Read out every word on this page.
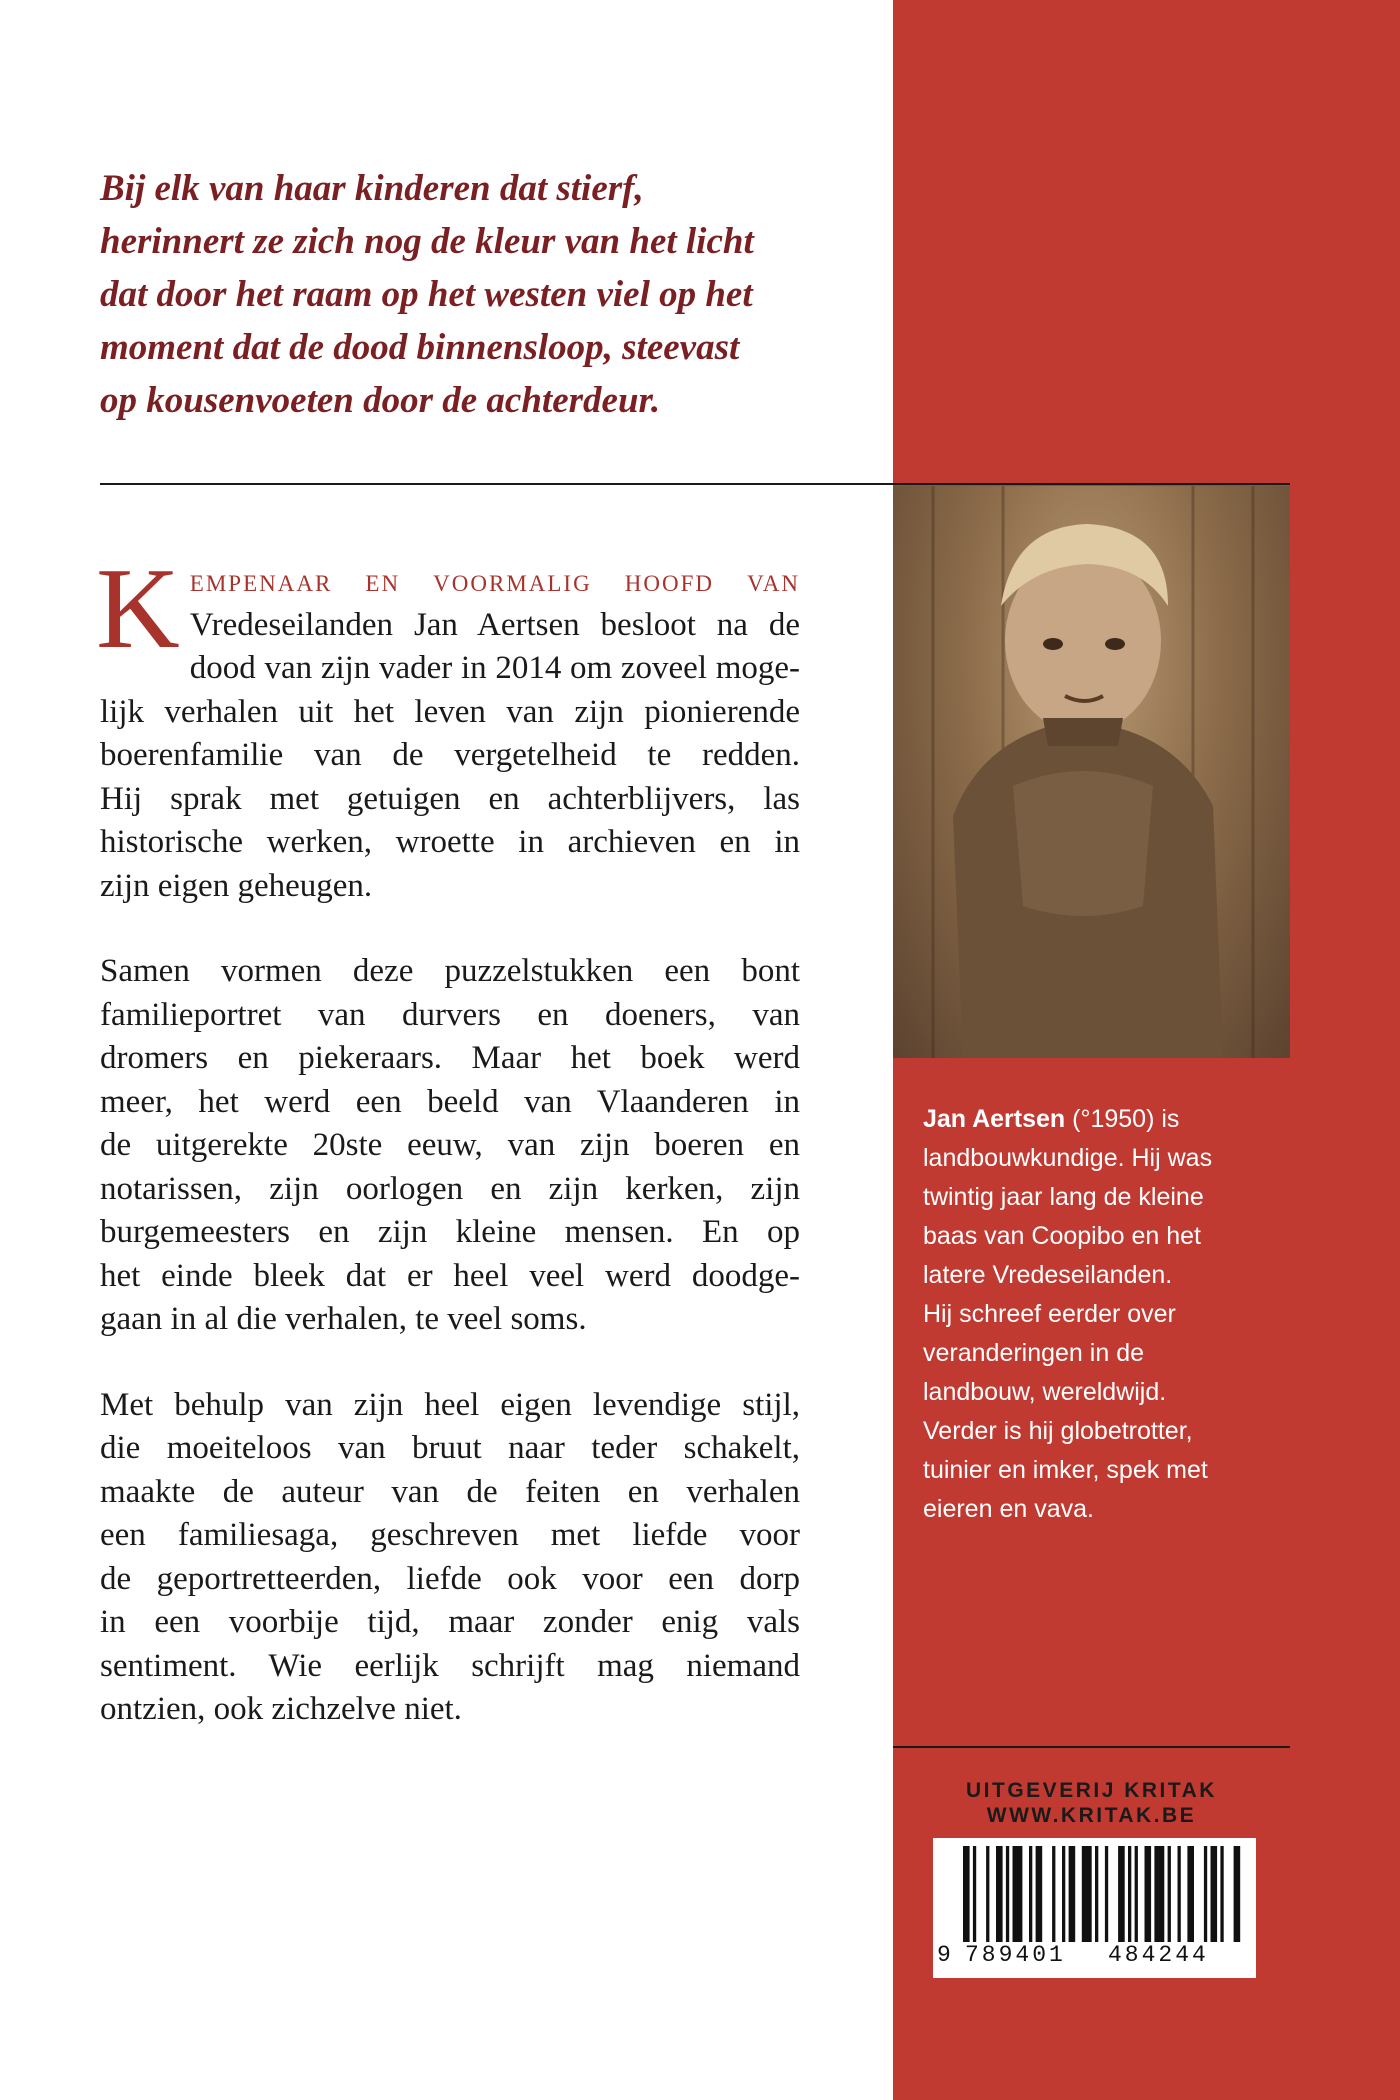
Bij elk van haar kinderen dat stierf,

herinnert ze zich nog de kleur van het licht

dat door het raam op het westen viel op het

moment dat de dood binnensloop, steevast

op kousenvoeten door de achterdeur.

K empenaar en voormalig hoofd van
Vredeseilanden Jan Aertsen besloot na de
dood van zijn vader in 2014 om zoveel moge-
lijk verhalen uit het leven van zijn pionierende
boerenfamilie van de vergetelheid te redden.
Hij sprak met getuigen en achterblijvers, las
historische werken, wroette in archieven en in
zijn eigen geheugen.
Samen vormen deze puzzelstukken een bont
familieportret van durvers en doeners, van
dromers en piekeraars. Maar het boek werd
meer, het werd een beeld van Vlaanderen in
de uitgerekte 20ste eeuw, van zijn boeren en
notarissen, zijn oorlogen en zijn kerken, zijn
burgemeesters en zijn kleine mensen. En op
het einde bleek dat er heel veel werd doodge-
gaan in al die verhalen, te veel soms.
Met behulp van zijn heel eigen levendige stijl,
die moeiteloos van bruut naar teder schakelt,
maakte de auteur van de feiten en verhalen
een familiesaga, geschreven met liefde voor
de geportretteerden, liefde ook voor een dorp
in een voorbije tijd, maar zonder enig vals
sentiment. Wie eerlijk schrijft mag niemand
ontzien, ook zichzelve niet.
Jan Aertsen (°1950) is
landbouwkundige. Hij was
twintig jaar lang de kleine
baas van Coopibo en het
latere Vredeseilanden.
Hij schreef eerder over
veranderingen in de
landbouw, wereldwijd.
Verder is hij globetrotter,
tuinier en imker, spek met
eieren en vava.
UITGEVERIJ KRITAK
WWW.KRITAK.BE
9 789401 484244
